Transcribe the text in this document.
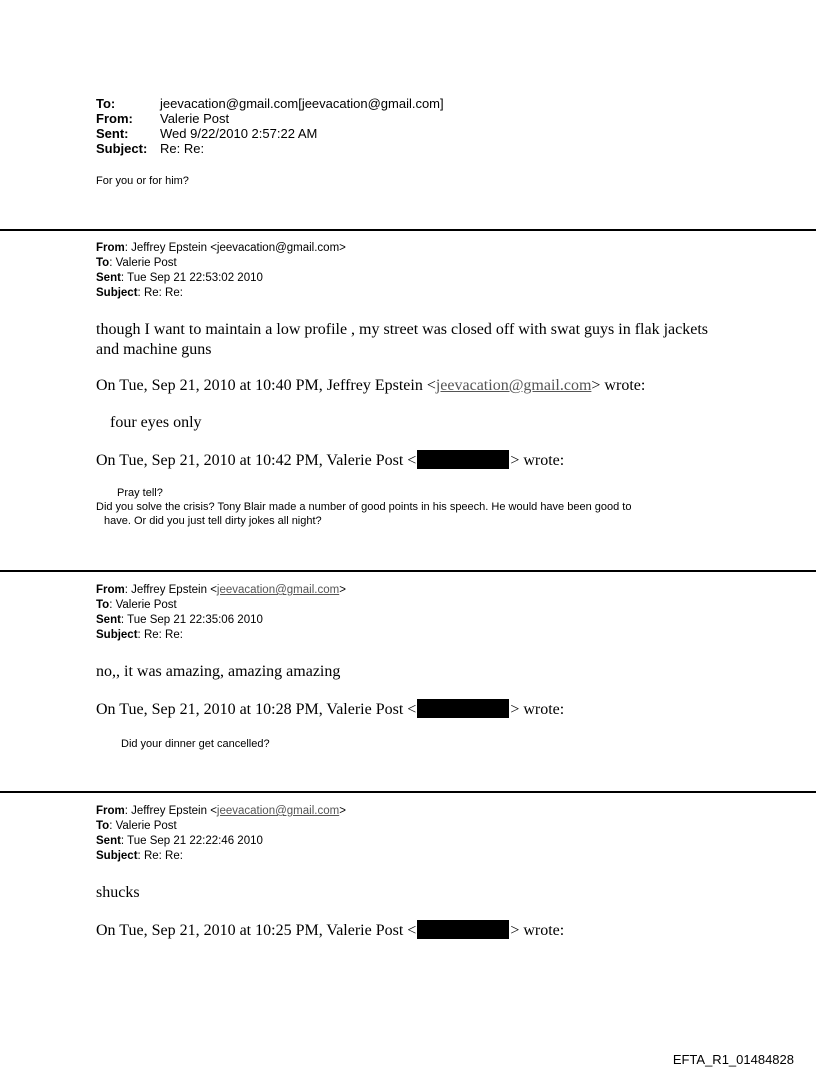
To:	jeevacation@gmail.com[jeevacation@gmail.com]
From:	Valerie Post
Sent:	Wed 9/22/2010 2:57:22 AM
Subject: Re: Re:
For you or for him?
From: Jeffrey Epstein <jeevacation@gmail.com>
To: Valerie Post
Sent: Tue Sep 21 22:53:02 2010
Subject: Re: Re:
though I want to maintain a low profile , my street was closed off with swat guys in flak jackets
and machine guns
On Tue, Sep 21, 2010 at 10:40 PM, Jeffrey Epstein <jeevacation@gmail.com> wrote:
four eyes only
On Tue, Sep 21, 2010 at 10:42 PM, Valerie Post <	> wrote:
Pray tell?
Did you solve the crisis? Tony Blair made a number of good points in his speech. He would have been good to
have. Or did you just tell dirty jokes all night?
From: Jeffrey Epstein <jeevacation@gmail.com>
To: Valerie Post
Sent: Tue Sep 21 22:35:06 2010
Subject: Re: Re:
no,, it was amazing, amazing amazing
On Tue, Sep 21, 2010 at 10:28 PM, Valerie Post <	> wrote:
Did your dinner get cancelled?
From: Jeffrey Epstein <jeevacation@gmail.com>
To: Valerie Post
Sent: Tue Sep 21 22:22:46 2010
Subject: Re: Re:
shucks
On Tue, Sep 21, 2010 at 10:25 PM, Valerie Post <	> wrote:
EFTA_R1_01484828
